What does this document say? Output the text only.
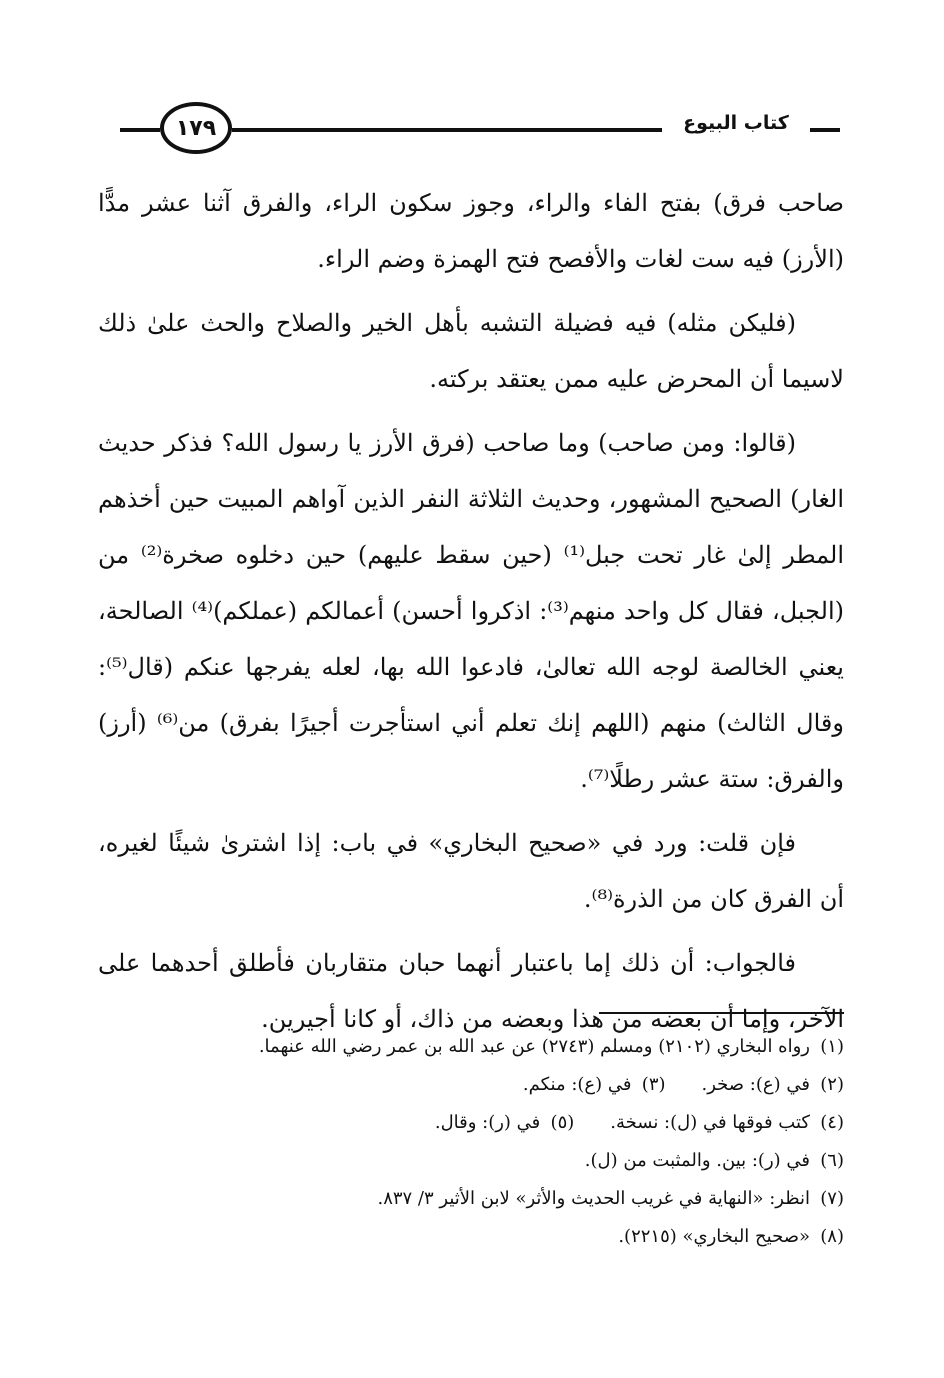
١٧٩	كتاب البيوع

صاحب فرق) بفتح الفاء والراء، وجوز سكون الراء، والفرق آثنا عشر مدًّا (الأرز) فيه ست لغات والأفصح فتح الهمزة وضم الراء.

(فليكن مثله) فيه فضيلة التشبه بأهل الخير والصلاح والحث علىٰ ذلك لاسيما أن المحرض عليه ممن يعتقد بركته.

(قالوا: ومن صاحب) وما صاحب (فرق الأرز يا رسول الله؟ فذكر حديث الغار) الصحيح المشهور، وحديث الثلاثة النفر الذين آواهم المبيت حين أخذهم المطر إلىٰ غار تحت جبل⁽¹⁾ (حين سقط عليهم) حين دخلوه صخرة⁽²⁾ من (الجبل، فقال كل واحد منهم⁽³⁾: اذكروا أحسن) أعمالكم (عملكم)⁽⁴⁾ الصالحة، يعني الخالصة لوجه الله تعالىٰ، فادعوا الله بها، لعله يفرجها عنكم (قال⁽⁵⁾: وقال الثالث) منهم (اللهم إنك تعلم أني استأجرت أجيرًا بفرق) من⁽⁶⁾ (أرز) والفرق: ستة عشر رطلًا⁽⁷⁾.

فإن قلت: ورد في «صحيح البخاري» في باب: إذا اشترىٰ شيئًا لغيره، أن الفرق كان من الذرة⁽⁸⁾.

فالجواب: أن ذلك إما باعتبار أنهما حبان متقاربان فأطلق أحدهما على الآخر، وإما أن بعضه من هذا وبعضه من ذاك، أو كانا أجيرين.

(١)
رواه البخاري (٢١٠٢) ومسلم (٢٧٤٣) عن عبد الله بن عمر رضي الله عنهما.
(٢)
في (ع): صخر.
(٣)
في (ع): منكم.
(٤)
كتب فوقها في (ل): نسخة.
(٥)
في (ر): وقال.
(٦)
في (ر): بين. والمثبت من (ل).
(٧)
انظر: «النهاية في غريب الحديث والأثر» لابن الأثير ٣/ ٨٣٧.
(٨)
«صحيح البخاري» (٢٢١٥).
